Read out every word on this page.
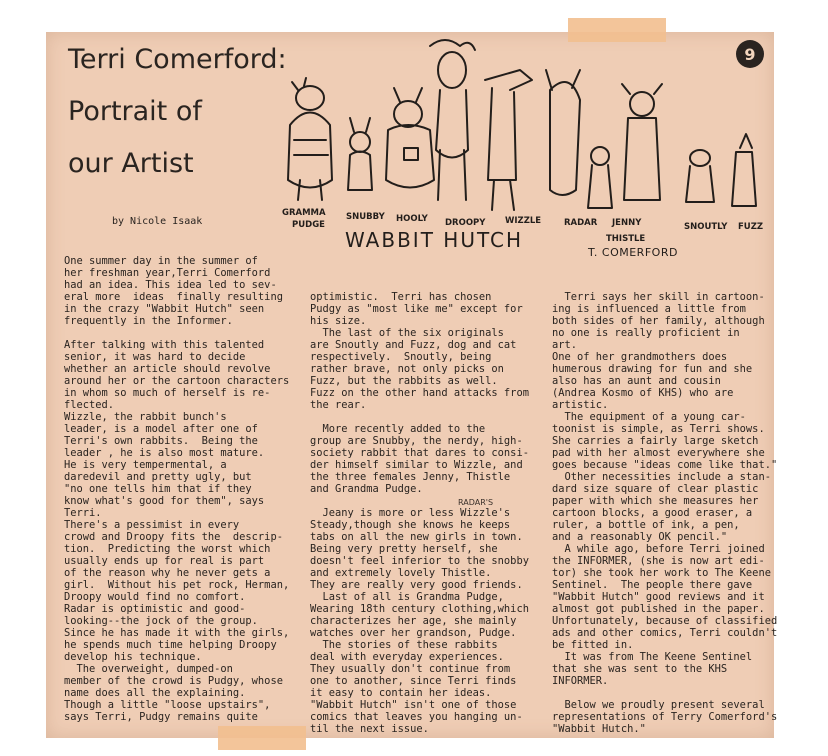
9
Terri Comerford:
Portrait of
our Artist
by Nicole Isaak
GRAMMA
PUDGE
SNUBBY HOOLY DROOPY WIZZLE	RADAR JENNY
THISTLE
SNOUTLY FUZZ
WABBIT HUTCH
T. COMERFORD
One summer day in the summer of
her freshman year,Terri Comerford
had an idea. This idea led to sev-
eral more  ideas  finally resulting
in the crazy "Wabbit Hutch" seen
frequently in the Informer.

After talking with this talented
senior, it was hard to decide
whether an article should revolve
around her or the cartoon characters
in whom so much of herself is re-
flected.
Wizzle, the rabbit bunch's
leader, is a model after one of
Terri's own rabbits.  Being the
leader , he is also most mature.
He is very tempermental, a
daredevil and pretty ugly, but
"no one tells him that if they
know what's good for them", says
Terri.
There's a pessimist in every
crowd and Droopy fits the  descrip-
tion.  Predicting the worst which
usually ends up for real is part
of the reason why he never gets a
girl.  Without his pet rock, Herman,
Droopy would find no comfort.
Radar is optimistic and good-
looking--the jock of the group.
Since he has made it with the girls,
he spends much time helping Droopy
develop his technique.
The overweight, dumped-on
member of the crowd is Pudgy, whose
name does all the explaining.
Though a little "loose upstairs",
says Terri, Pudgy remains quite
optimistic.  Terri has chosen
Pudgy as "most like me" except for
his size.
The last of the six originals
are Snoutly and Fuzz, dog and cat
respectively.  Snoutly, being
rather brave, not only picks on
Fuzz, but the rabbits as well.
Fuzz on the other hand attacks from
the rear.

More recently added to the
group are Snubby, the nerdy, high-
society rabbit that dares to consi-
der himself similar to Wizzle, and
the three females Jenny, Thistle
and Grandma Pudge.

Jeany is more or less Wizzle's
Steady,though she knows he keeps
tabs on all the new girls in town.
Being very pretty herself, she
doesn't feel inferior to the snobby
and extremely lovely Thistle.
They are really very good friends.
Last of all is Grandma Pudge,
Wearing 18th century clothing,which
characterizes her age, she mainly
watches over her grandson, Pudge.
The stories of these rabbits
deal with everyday experiences.
They usually don't continue from
one to another, since Terri finds
it easy to contain her ideas.
"Wabbit Hutch" isn't one of those
comics that leaves you hanging un-
til the next issue.
Terri says her skill in cartoon-
ing is influenced a little from
both sides of her family, although
no one is really proficient in
art.
One of her grandmothers does
humerous drawing for fun and she
also has an aunt and cousin
(Andrea Kosmo of KHS) who are
artistic.
The equipment of a young car-
toonist is simple, as Terri shows.
She carries a fairly large sketch
pad with her almost everywhere she
goes because "ideas come like that."
Other necessities include a stan-
dard size square of clear plastic
paper with which she measures her
cartoon blocks, a good eraser, a
ruler, a bottle of ink, a pen,
and a reasonably OK pencil."
A while ago, before Terri joined
the INFORMER, (she is now art edi-
tor) she took her work to The Keene
Sentinel.  The people there gave
"Wabbit Hutch" good reviews and it
almost got published in the paper.
Unfortunately, because of classified
ads and other comics, Terri couldn't
be fitted in.
It was from The Keene Sentinel
that she was sent to the KHS
INFORMER.

Below we proudly present several
representations of Terry Comerford's
"Wabbit Hutch."
RADAR'S
